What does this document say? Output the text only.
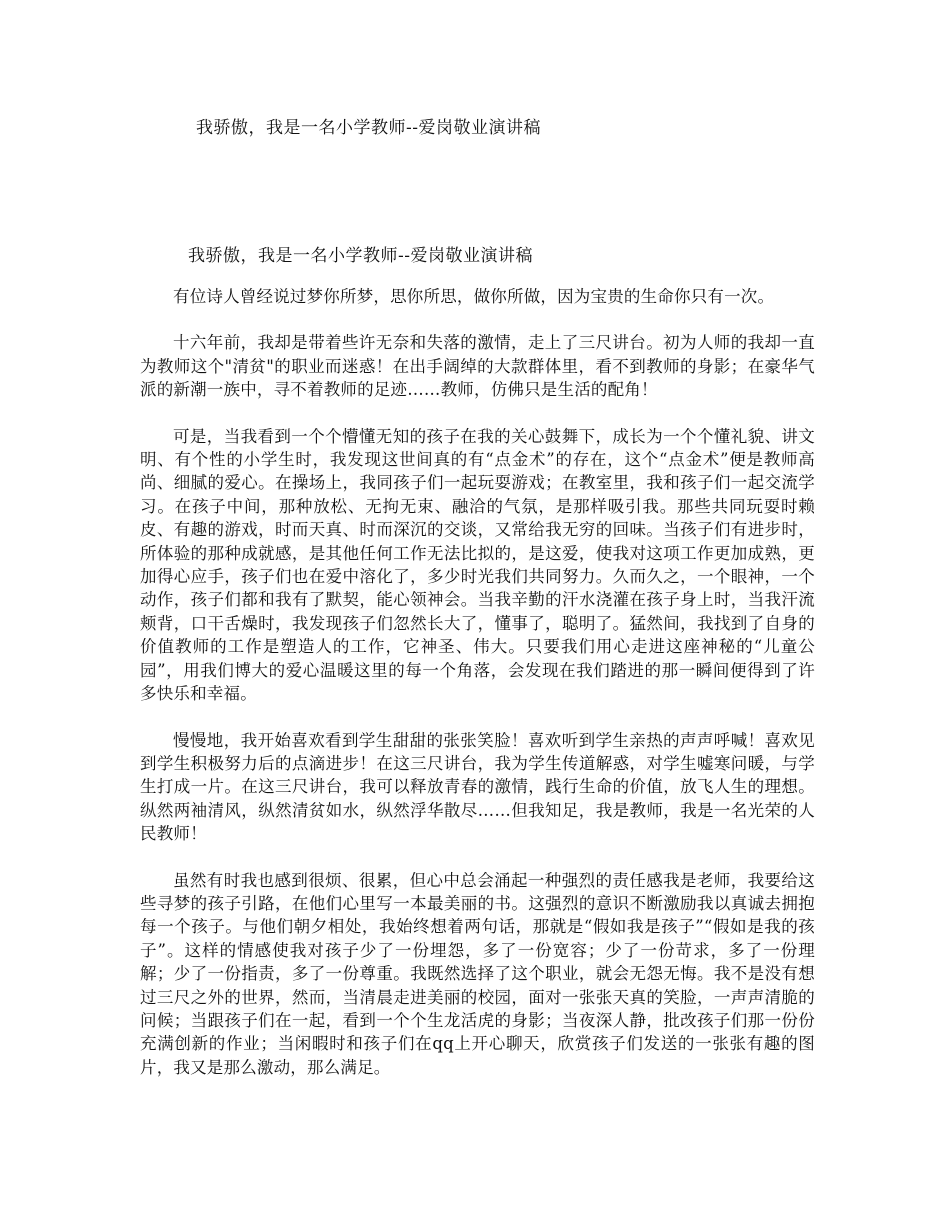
我骄傲，我是一名小学教师--爱岗敬业演讲稿
我骄傲，我是一名小学教师--爱岗敬业演讲稿

有位诗人曾经说过梦你所梦，思你所思，做你所做，因为宝贵的生命你只有一次。

十六年前，我却是带着些许无奈和失落的激情，走上了三尺讲台。初为人师的我却一直为教师这个"清贫"的职业而迷惑！在出手阔绰的大款群体里，看不到教师的身影；在豪华气派的新潮一族中，寻不着教师的足迹……教师，仿佛只是生活的配角！

可是，当我看到一个个懵懂无知的孩子在我的关心鼓舞下，成长为一个个懂礼貌、讲文明、有个性的小学生时，我发现这世间真的有“点金术”的存在，这个“点金术”便是教师高尚、细腻的爱心。在操场上，我同孩子们一起玩耍游戏；在教室里，我和孩子们一起交流学习。在孩子中间，那种放松、无拘无束、融洽的气氛，是那样吸引我。那些共同玩耍时赖皮、有趣的游戏，时而天真、时而深沉的交谈，又常给我无穷的回味。当孩子们有进步时，所体验的那种成就感，是其他任何工作无法比拟的，是这爱，使我对这项工作更加成熟，更加得心应手，孩子们也在爱中溶化了，多少时光我们共同努力。久而久之，一个眼神，一个动作，孩子们都和我有了默契，能心领神会。当我辛勤的汗水浇灌在孩子身上时，当我汗流颊背，口干舌燥时，我发现孩子们忽然长大了，懂事了，聪明了。猛然间，我找到了自身的价值教师的工作是塑造人的工作，它神圣、伟大。只要我们用心走进这座神秘的“儿童公园”，用我们博大的爱心温暖这里的每一个角落，会发现在我们踏进的那一瞬间便得到了许多快乐和幸福。

慢慢地，我开始喜欢看到学生甜甜的张张笑脸！喜欢听到学生亲热的声声呼喊！喜欢见到学生积极努力后的点滴进步！在这三尺讲台，我为学生传道解惑，对学生嘘寒问暖，与学生打成一片。在这三尺讲台，我可以释放青春的激情，践行生命的价值，放飞人生的理想。纵然两袖清风，纵然清贫如水，纵然浮华散尽……但我知足，我是教师，我是一名光荣的人民教师！

虽然有时我也感到很烦、很累，但心中总会涌起一种强烈的责任感我是老师，我要给这些寻梦的孩子引路，在他们心里写一本最美丽的书。这强烈的意识不断激励我以真诚去拥抱每一个孩子。与他们朝夕相处，我始终想着两句话，那就是“假如我是孩子”“假如是我的孩子”。这样的情感使我对孩子少了一份埋怨，多了一份宽容；少了一份苛求，多了一份理解；少了一份指责，多了一份尊重。我既然选择了这个职业，就会无怨无悔。我不是没有想过三尺之外的世界，然而，当清晨走进美丽的校园，面对一张张天真的笑脸，一声声清脆的问候；当跟孩子们在一起，看到一个个生龙活虎的身影；当夜深人静，批改孩子们那一份份充满创新的作业；当闲暇时和孩子们在qq上开心聊天，欣赏孩子们发送的一张张有趣的图片，我又是那么激动，那么满足。
